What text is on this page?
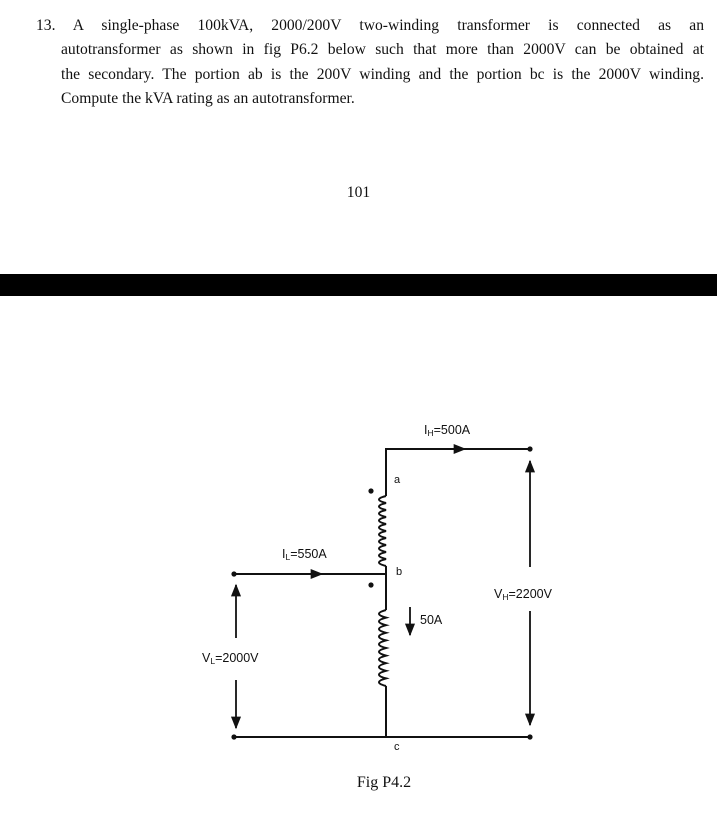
13. A single-phase 100kVA, 2000/200V two-winding transformer is connected as an
autotransformer as shown in fig P6.2 below such that more than 2000V can be obtained at
the secondary. The portion ab is the 200V winding and the portion bc is the 2000V winding.
Compute the kVA rating as an autotransformer.
101
$I_H=500A$
$I_L=550A$
$V_H=2200V$
$V_L=2000V$
50A
a
b
c
Fig P4.2
